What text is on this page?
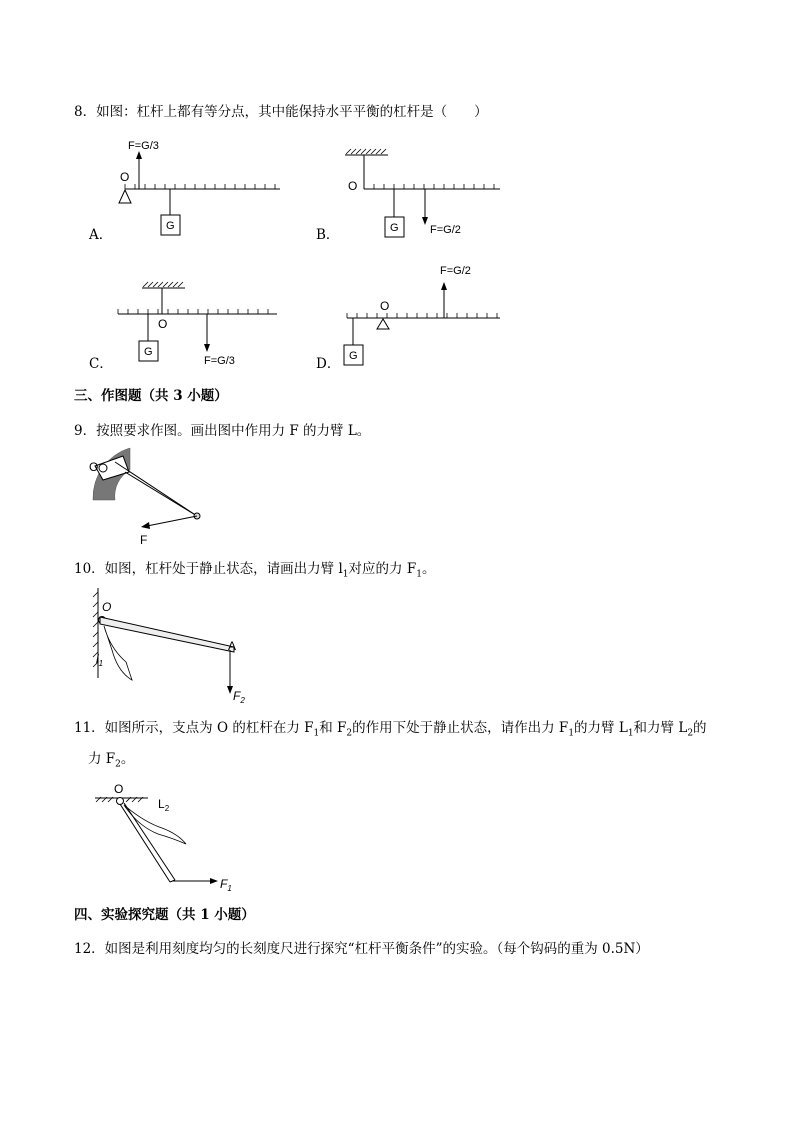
8．如图：杠杆上都有等分点，其中能保持水平平衡的杠杆是（　　）
O
F=G/3
G
A．
O
G	F=G/2
B．
O
G
F=G/3
C．
F=G/2
O
G
D．
三、作图题（共 3 小题）
9．按照要求作图。画出图中作用力 F 的力臂 L。
O
F
10．如图，杠杆处于静止状态，请画出力臂 $l_1$对应的力 $F_1$。
O
A
$l_1$
$F_2$
11．如图所示，支点为 O 的杠杆在力 $F_1$和 $F_2$的作用下处于静止状态，请作出力 $F_1$的力臂 $L_1$和力臂 $L_2$的
力 $F_2$。
O
$F_1$
$L_2$
四、实验探究题（共 1 小题）
12．如图是利用刻度均匀的长刻度尺进行探究“杠杆平衡条件”的实验。（每个钩码的重为 0.5N）
